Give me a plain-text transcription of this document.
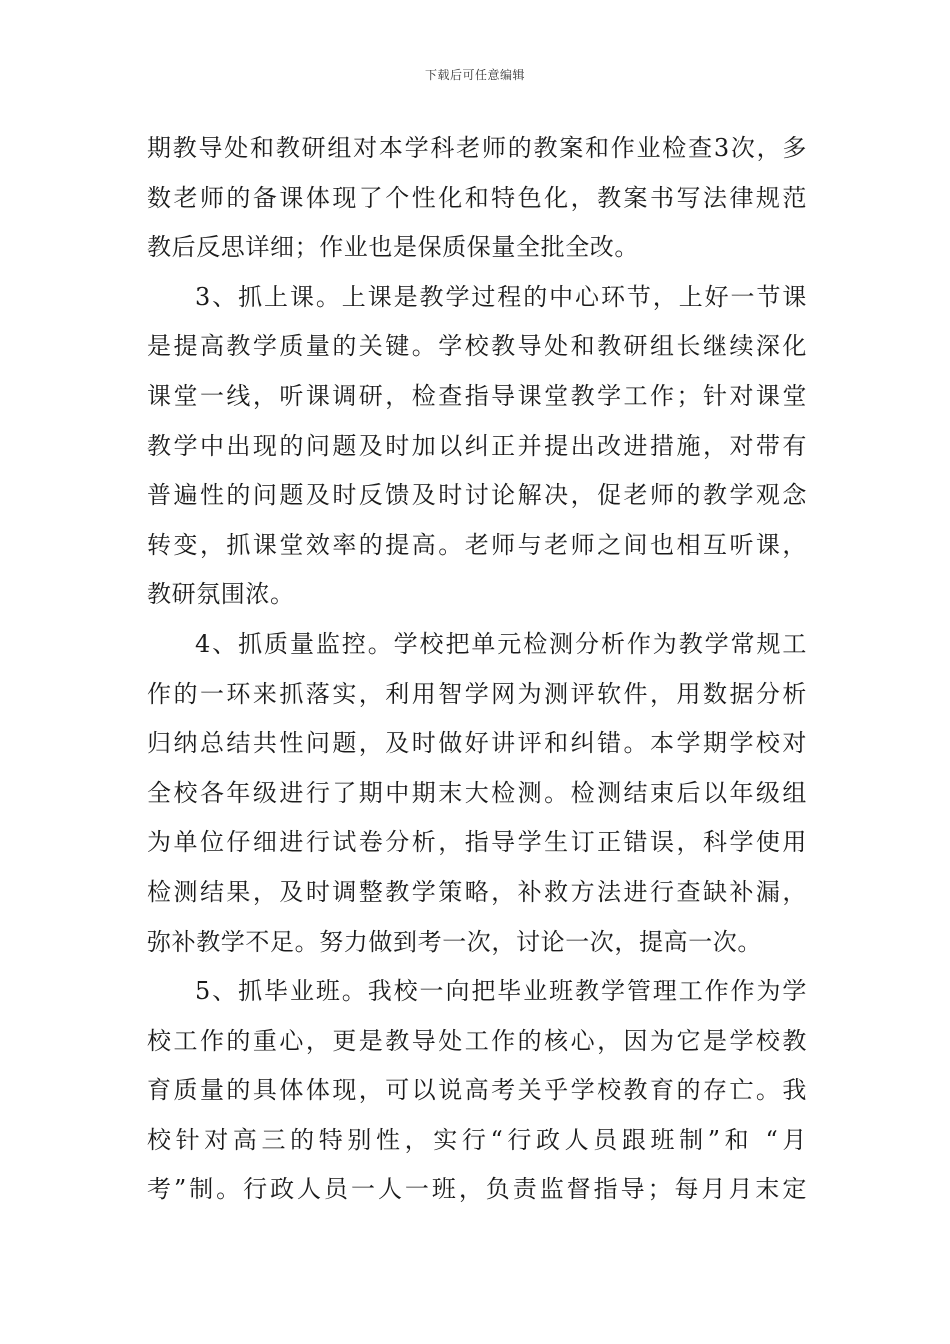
下载后可任意编辑
期教导处和教研组对本学科老师的教案和作业检查3次，多
数老师的备课体现了个性化和特色化，教案书写法律规范
教后反思详细；作业也是保质保量全批全改。
3、抓上课。上课是教学过程的中心环节，上好一节课
是提高教学质量的关键。学校教导处和教研组长继续深化
课堂一线，听课调研，检查指导课堂教学工作；针对课堂
教学中出现的问题及时加以纠正并提出改进措施，对带有
普遍性的问题及时反馈及时讨论解决，促老师的教学观念
转变，抓课堂效率的提高。老师与老师之间也相互听课，
教研氛围浓。
4、抓质量监控。学校把单元检测分析作为教学常规工
作的一环来抓落实，利用智学网为测评软件，用数据分析
归纳总结共性问题，及时做好讲评和纠错。本学期学校对
全校各年级进行了期中期末大检测。检测结束后以年级组
为单位仔细进行试卷分析，指导学生订正错误，科学使用
检测结果，及时调整教学策略，补救方法进行查缺补漏，
弥补教学不足。努力做到考一次，讨论一次，提高一次。
5、抓毕业班。我校一向把毕业班教学管理工作作为学
校工作的重心，更是教导处工作的核心，因为它是学校教
育质量的具体体现，可以说高考关乎学校教育的存亡。我
校针对高三的特别性，实行“行政人员跟班制”和 “月
考”制。行政人员一人一班，负责监督指导；每月月末定
